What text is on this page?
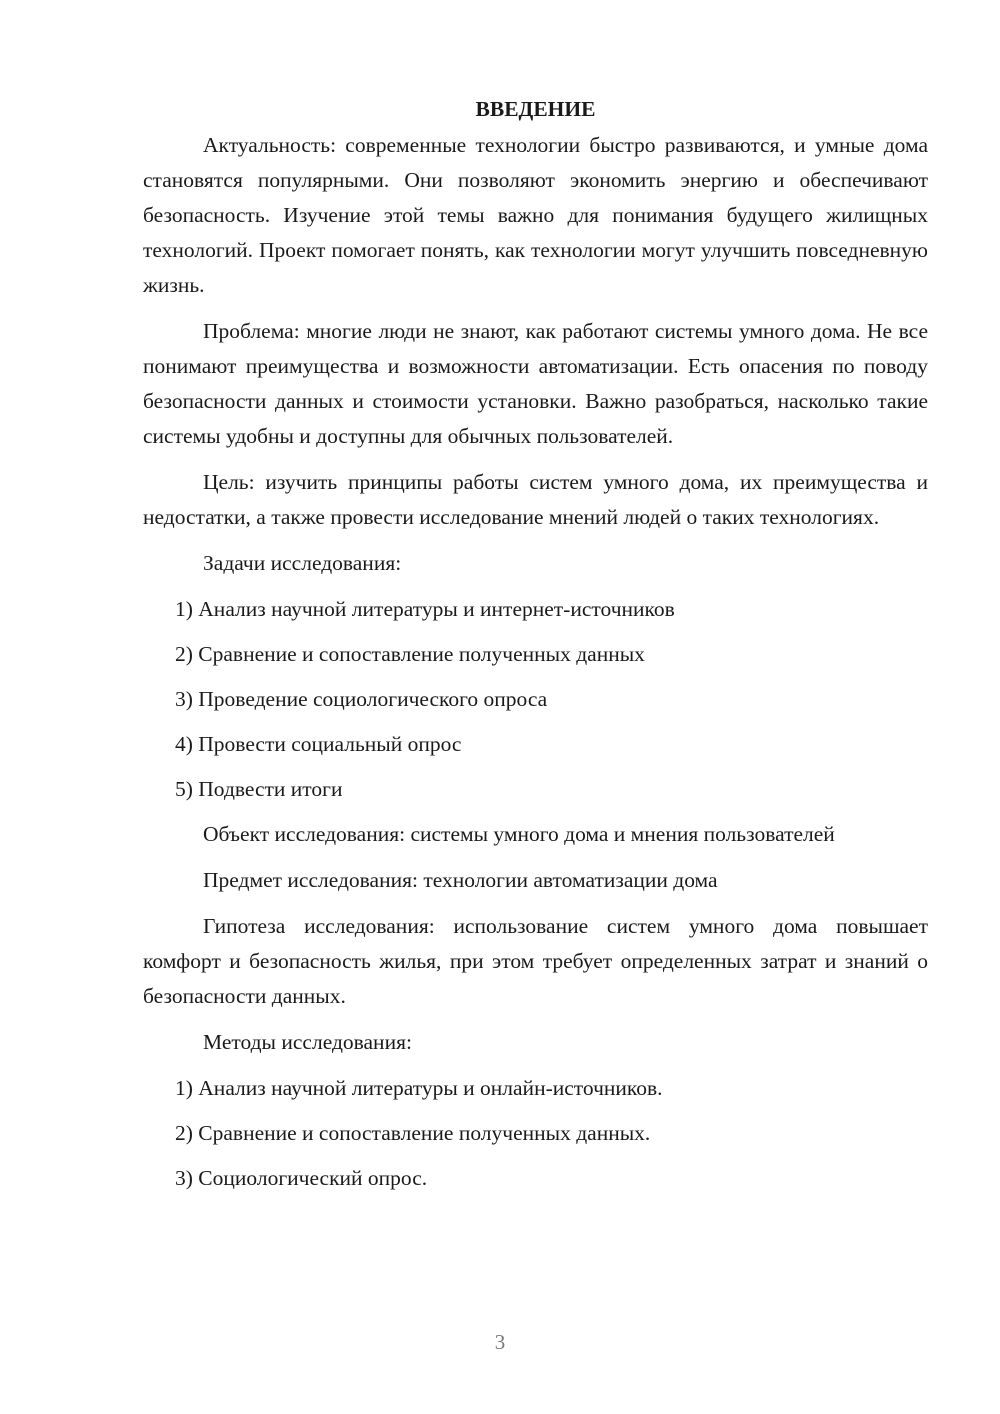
ВВЕДЕНИЕ

Актуальность: современные технологии быстро развиваются, и умные дома становятся популярными. Они позволяют экономить энергию и обеспечивают безопасность. Изучение этой темы важно для понимания будущего жилищных технологий. Проект помогает понять, как технологии могут улучшить повседневную жизнь.

Проблема: многие люди не знают, как работают системы умного дома. Не все понимают преимущества и возможности автоматизации. Есть опасения по поводу безопасности данных и стоимости установки. Важно разобраться, насколько такие системы удобны и доступны для обычных пользователей.

Цель: изучить принципы работы систем умного дома, их преимущества и недостатки, а также провести исследование мнений людей о таких технологиях.

Задачи исследования:

1) Анализ научной литературы и интернет-источников
2) Сравнение и сопоставление полученных данных
3) Проведение социологического опроса
4) Провести социальный опрос
5) Подвести итоги

Объект исследования: системы умного дома и мнения пользователей

Предмет исследования: технологии автоматизации дома

Гипотеза исследования: использование систем умного дома повышает комфорт и безопасность жилья, при этом требует определенных затрат и знаний о безопасности данных.

Методы исследования:

1) Анализ научной литературы и онлайн-источников.
2) Сравнение и сопоставление полученных данных.
3) Социологический опрос.
3
